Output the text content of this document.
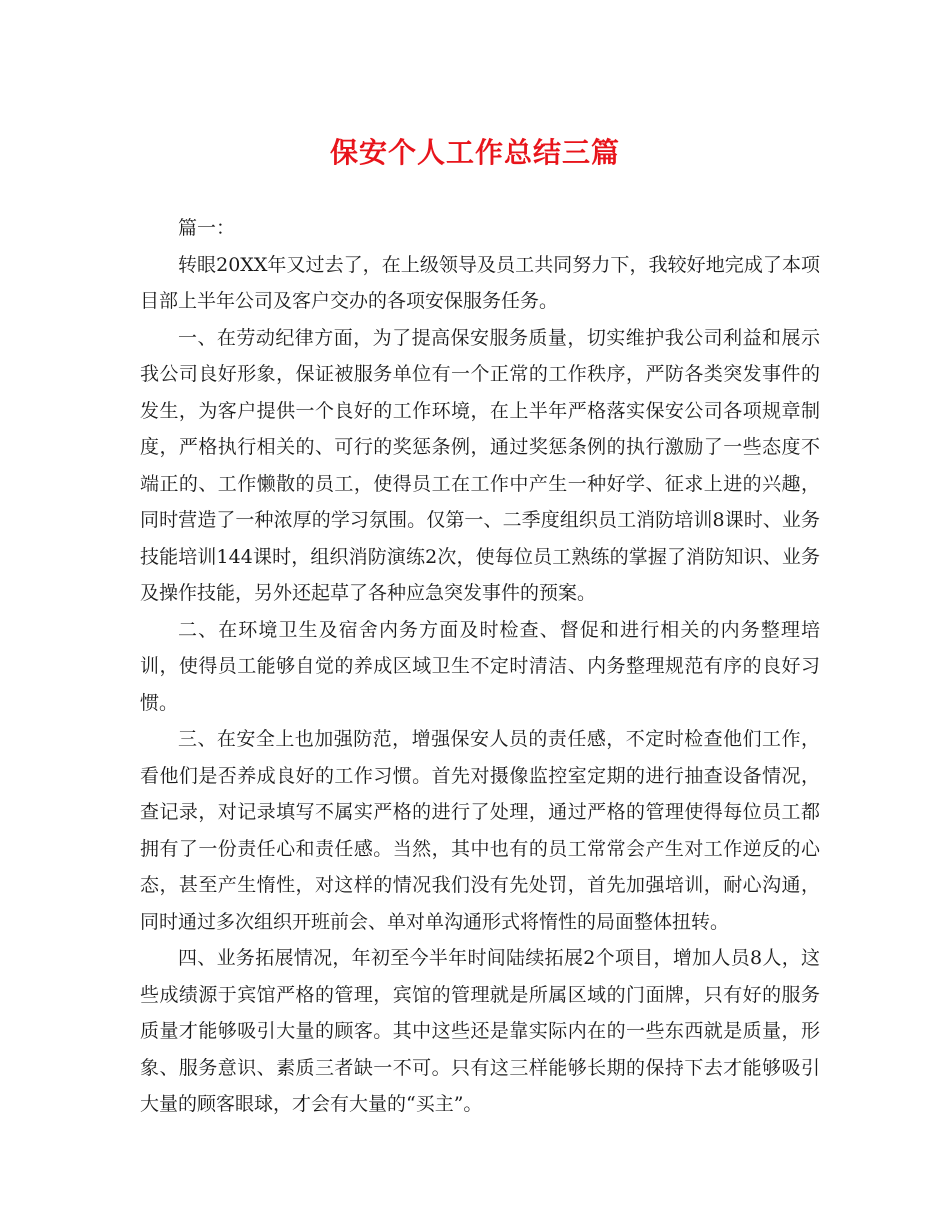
保安个人工作总结三篇

篇一：

转眼20XX年又过去了，在上级领导及员工共同努力下，我较好地完成了本项目部上半年公司及客户交办的各项安保服务任务。

一、在劳动纪律方面，为了提高保安服务质量，切实维护我公司利益和展示我公司良好形象，保证被服务单位有一个正常的工作秩序，严防各类突发事件的发生，为客户提供一个良好的工作环境，在上半年严格落实保安公司各项规章制度，严格执行相关的、可行的奖惩条例，通过奖惩条例的执行激励了一些态度不端正的、工作懒散的员工，使得员工在工作中产生一种好学、征求上进的兴趣，同时营造了一种浓厚的学习氛围。仅第一、二季度组织员工消防培训8课时、业务技能培训144课时，组织消防演练2次，使每位员工熟练的掌握了消防知识、业务及操作技能，另外还起草了各种应急突发事件的预案。

二、在环境卫生及宿舍内务方面及时检查、督促和进行相关的内务整理培训，使得员工能够自觉的养成区域卫生不定时清洁、内务整理规范有序的良好习惯。

三、在安全上也加强防范，增强保安人员的责任感，不定时检查他们工作，看他们是否养成良好的工作习惯。首先对摄像监控室定期的进行抽查设备情况，查记录，对记录填写不属实严格的进行了处理，通过严格的管理使得每位员工都拥有了一份责任心和责任感。当然，其中也有的员工常常会产生对工作逆反的心态，甚至产生惰性，对这样的情况我们没有先处罚，首先加强培训，耐心沟通，同时通过多次组织开班前会、单对单沟通形式将惰性的局面整体扭转。

四、业务拓展情况，年初至今半年时间陆续拓展2个项目，增加人员8人，这些成绩源于宾馆严格的管理，宾馆的管理就是所属区域的门面牌，只有好的服务质量才能够吸引大量的顾客。其中这些还是靠实际内在的一些东西就是质量，形象、服务意识、素质三者缺一不可。只有这三样能够长期的保持下去才能够吸引大量的顾客眼球，才会有大量的“买主”。
